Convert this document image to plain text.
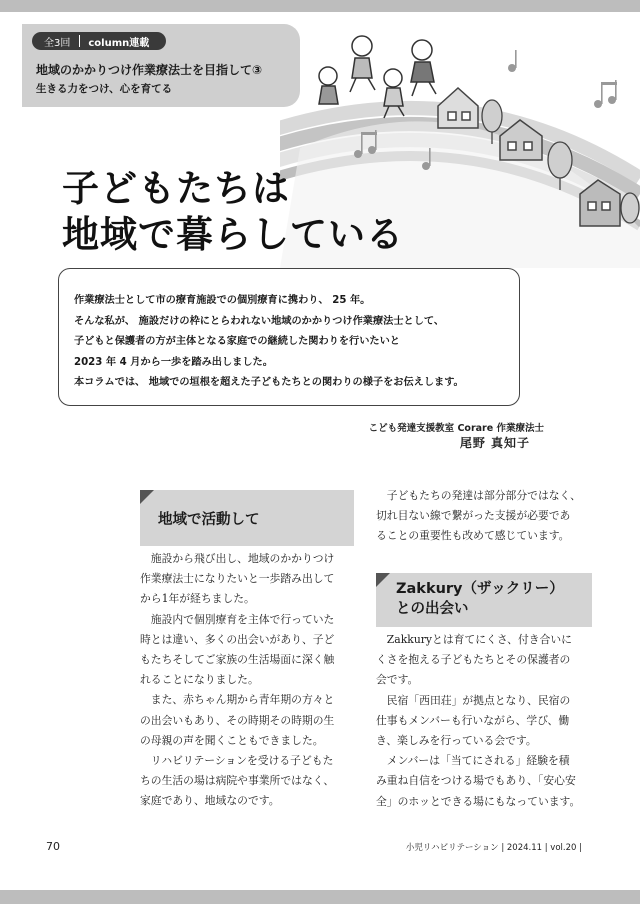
全3回	column連載
地域のかかりつけ作業療法士を目指して③
生きる力をつけ、心を育てる
子どもたちは
地域で暮らしている
作業療法士として市の療育施設での個別療育に携わり、 25 年。
そんな私が、 施設だけの枠にとらわれない地域のかかりつけ作業療法士として、
子どもと保護者の方が主体となる家庭での継続した関わりを行いたいと
2023 年 4 月から一歩を踏み出しました。
本コラムでは、 地域での垣根を超えた子どもたちとの関わりの様子をお伝えします。
こども発達支援教室 Corare 作業療法士
尾野 真知子
地域で活動して

　施設から飛び出し、地域のかかりつけ

作業療法士になりたいと一歩踏み出して

から1年が経ちました。

　施設内で個別療育を主体で行っていた

時とは違い、多くの出会いがあり、子ど

もたちそしてご家族の生活場面に深く触

れることになりました。

　また、赤ちゃん期から青年期の方々と

の出会いもあり、その時期その時期の生

の母親の声を聞くこともできました。

　リハビリテーションを受ける子どもた

ちの生活の場は病院や事業所ではなく、

家庭であり、地域なのです。

　子どもたちの発達は部分部分ではなく、

切れ目ない線で繋がった支援が必要であ

ることの重要性も改めて感じています。

Zakkury（ザックリー）
との出会い

　Zakkuryとは育てにくさ、付き合いに

くさを抱える子どもたちとその保護者の

会です。

　民宿「西田荘」が拠点となり、民宿の

仕事もメンバーも行いながら、学び、働

き、楽しみを行っている会です。

　メンバーは「当てにされる」経験を積

み重ね自信をつける場でもあり、「安心安

全」のホッとできる場にもなっています。

70	小児リハビリテーション | 2024.11 | vol.20 |
